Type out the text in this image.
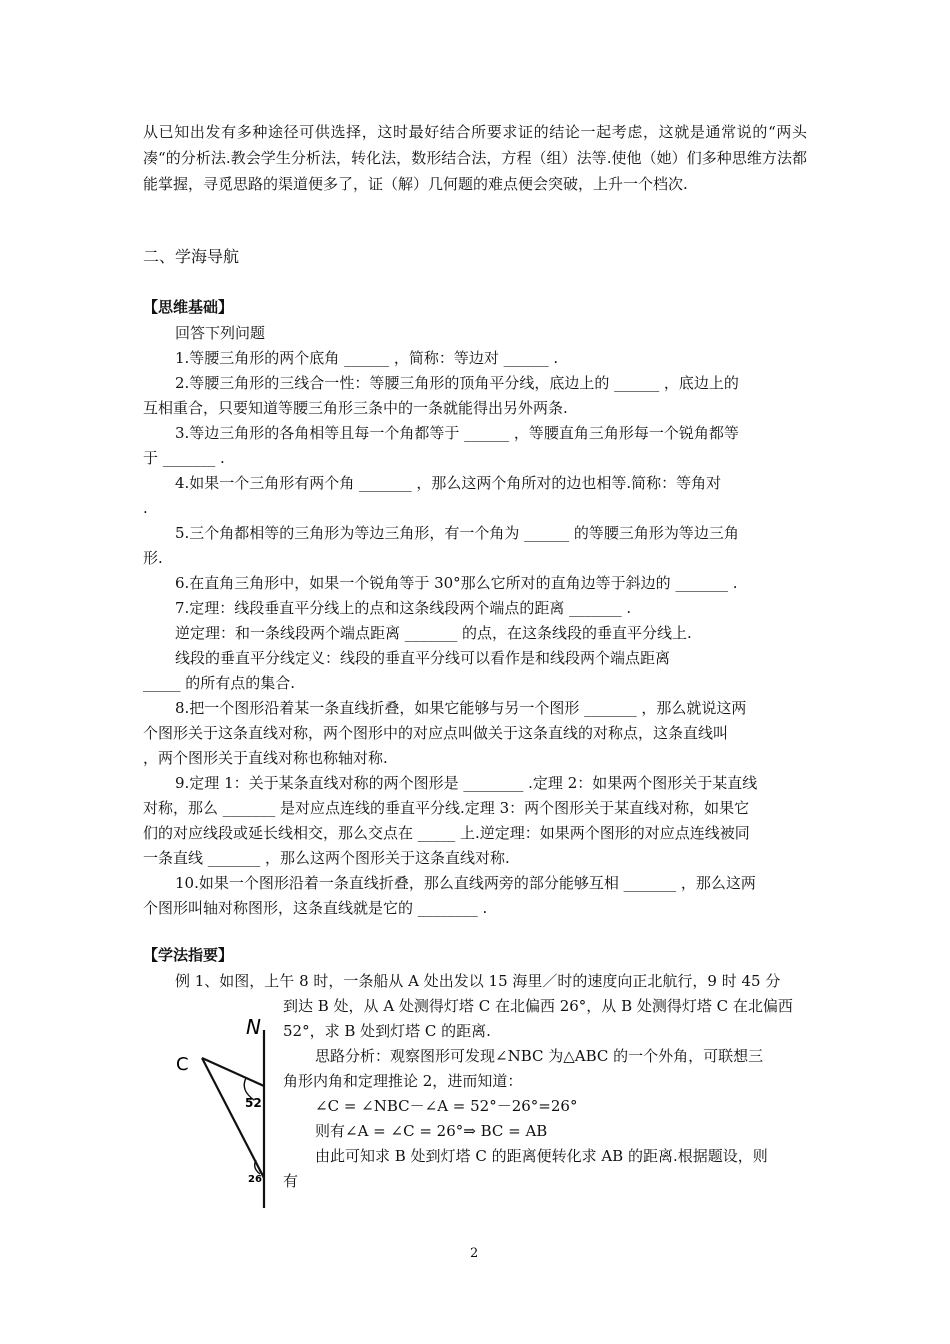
从已知出发有多种途径可供选择，这时最好结合所要求证的结论一起考虑，这就是通常说的“两头凑“的分析法.教会学生分析法，转化法，数形结合法，方程（组）法等.使他（她）们多种思维方法都能掌握，寻觅思路的渠道便多了，证（解）几何题的难点便会突破，上升一个档次.
二、学海导航
【思维基础】
回答下列问题
1.等腰三角形的两个底角 ______ ，简称：等边对 ______ .
2.等腰三角形的三线合一性：等腰三角形的顶角平分线，底边上的 ______ ，底边上的
互相重合，只要知道等腰三角形三条中的一条就能得出另外两条.
3.等边三角形的各角相等且每一个角都等于 ______ ，等腰直角三角形每一个锐角都等
于 _______ .
4.如果一个三角形有两个角 _______ ，那么这两个角所对的边也相等.简称：等角对
.
5.三个角都相等的三角形为等边三角形，有一个角为 ______ 的等腰三角形为等边三角
形.
6.在直角三角形中，如果一个锐角等于 30°那么它所对的直角边等于斜边的 _______ .
7.定理：线段垂直平分线上的点和这条线段两个端点的距离 _______ .
逆定理：和一条线段两个端点距离 _______ 的点，在这条线段的垂直平分线上.
线段的垂直平分线定义：线段的垂直平分线可以看作是和线段两个端点距离
_____ 的所有点的集合.
8.把一个图形沿着某一条直线折叠，如果它能够与另一个图形 _______ ，那么就说这两
个图形关于这条直线对称，两个图形中的对应点叫做关于这条直线的对称点，这条直线叫
，两个图形关于直线对称也称轴对称.
9.定理 1：关于某条直线对称的两个图形是 ________ .定理 2：如果两个图形关于某直线
对称，那么 _______ 是对应点连线的垂直平分线.定理 3：两个图形关于某直线对称，如果它
们的对应线段或延长线相交，那么交点在 _____ 上.逆定理：如果两个图形的对应点连线被同
一条直线 _______ ，那么这两个图形关于这条直线对称.
10.如果一个图形沿着一条直线折叠，那么直线两旁的部分能够互相 _______ ，那么这两
个图形叫轴对称图形，这条直线就是它的 ________ .
【学法指要】
例 1、如图，上午 8 时，一条船从 A 处出发以 15 海里／时的速度向正北航行，9 时 45 分
到达 B 处，从 A 处测得灯塔 C 在北偏西 26°，从 B 处测得灯塔 C 在北偏西
52°，求 B 处到灯塔 C 的距离.
思路分析：观察图形可发现∠NBC 为△ABC 的一个外角，可联想三
角形内角和定理推论 2，进而知道：
∠C = ∠NBC－∠A = 52°－26°=26°
则有∠A = ∠C = 26°⇒ BC = AB
由此可知求 B 处到灯塔 C 的距离便转化求 AB 的距离.根据题设，则
有
N
C
52
26
2
